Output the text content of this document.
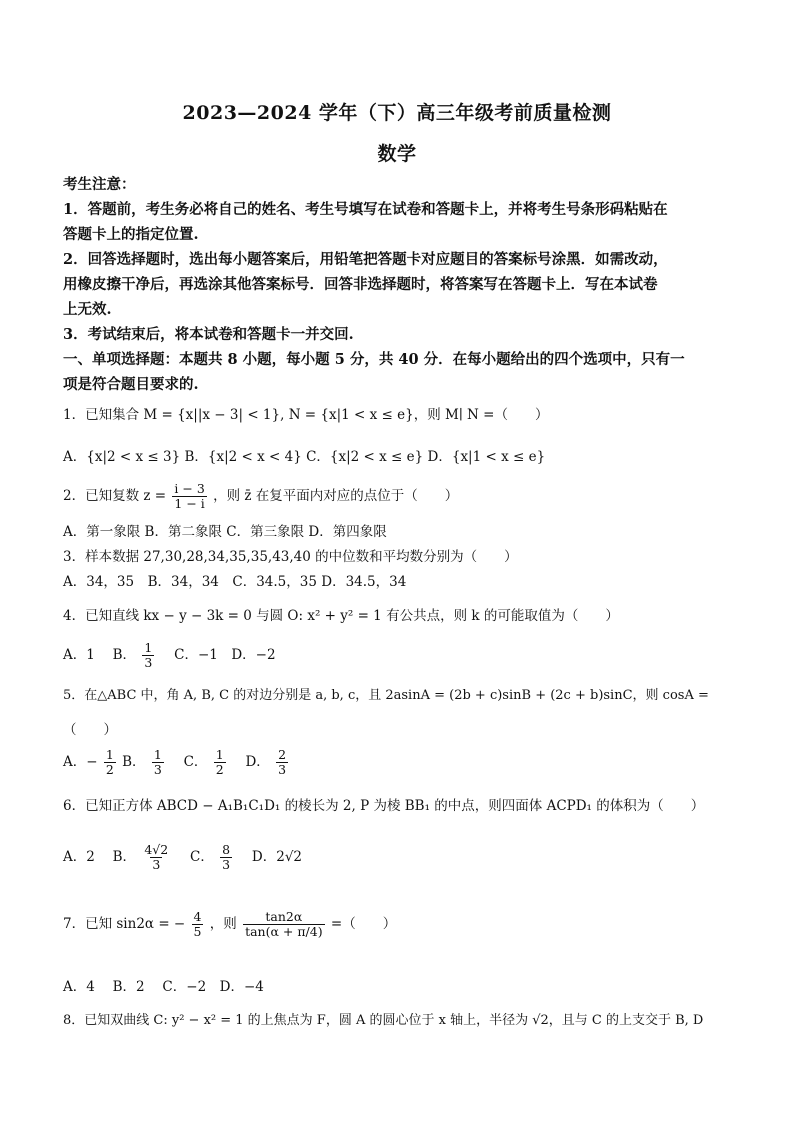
2023—2024 学年（下）高三年级考前质量检测
数学
考生注意：
1．答题前，考生务必将自己的姓名、考生号填写在试卷和答题卡上，并将考生号条形码粘贴在
答题卡上的指定位置.
2．回答选择题时，选出每小题答案后，用铅笔把答题卡对应题目的答案标号涂黑．如需改动，
用橡皮擦干净后，再选涂其他答案标号．回答非选择题时，将答案写在答题卡上．写在本试卷
上无效.
3．考试结束后，将本试卷和答题卡一并交回.
一、单项选择题：本题共 8 小题，每小题 5 分，共 40 分．在每小题给出的四个选项中，只有一
项是符合题目要求的.
1．已知集合 M = {x||x − 3| < 1}, N = {x|1 < x ≤ e}，则 M∣ N =（　　）
A．{x|2 < x ≤ 3} B．{x|2 < x < 4} C．{x|2 < x ≤ e} D．{x|1 < x ≤ e}
2．已知复数 $z = \frac{i - 3}{1 - i}$ ，则 z̄ 在复平面内对应的点位于（　　）
A．第一象限 B．第二象限 C．第三象限 D．第四象限
3．样本数据 27,30,28,34,35,35,43,40 的中位数和平均数分别为（　　）
A．34，35　B．34，34　C．34.5，35 D．34.5，34
4．已知直线 kx − y − 3k = 0 与圆 O: x² + y² = 1 有公共点，则 k 的可能取值为（　　）
A．1　 B． $\frac{1}{3}$ 　C．−1　D．−2
5．在△ABC 中，角 A, B, C 的对边分别是 a, b, c，且 2asinA = (2b + c)sinB + (2c + b)sinC，则 cosA =
（　　）
A．− $\frac{1}{2}$ B． $\frac{1}{3}$ 　C． $\frac{1}{2}$ 　D． $\frac{2}{3}$
6．已知正方体 ABCD − A₁B₁C₁D₁ 的棱长为 2, P 为棱 BB₁ 的中点，则四面体 ACPD₁ 的体积为（　　）
A．2　 B． $\frac{4√2}{3}$ 　C． $\frac{8}{3}$ 　D．2√2
7．已知 sin2α = − $\frac{4}{5}$ ，则 $\frac{\tan 2\alpha}{\tan(\alpha + \pi/4)}$ =（　　）
A．4　 B．2　 C．−2　D．−4
8．已知双曲线 C: y² − x² = 1 的上焦点为 F，圆 A 的圆心位于 x 轴上，半径为 √2，且与 C 的上支交于 B, D
